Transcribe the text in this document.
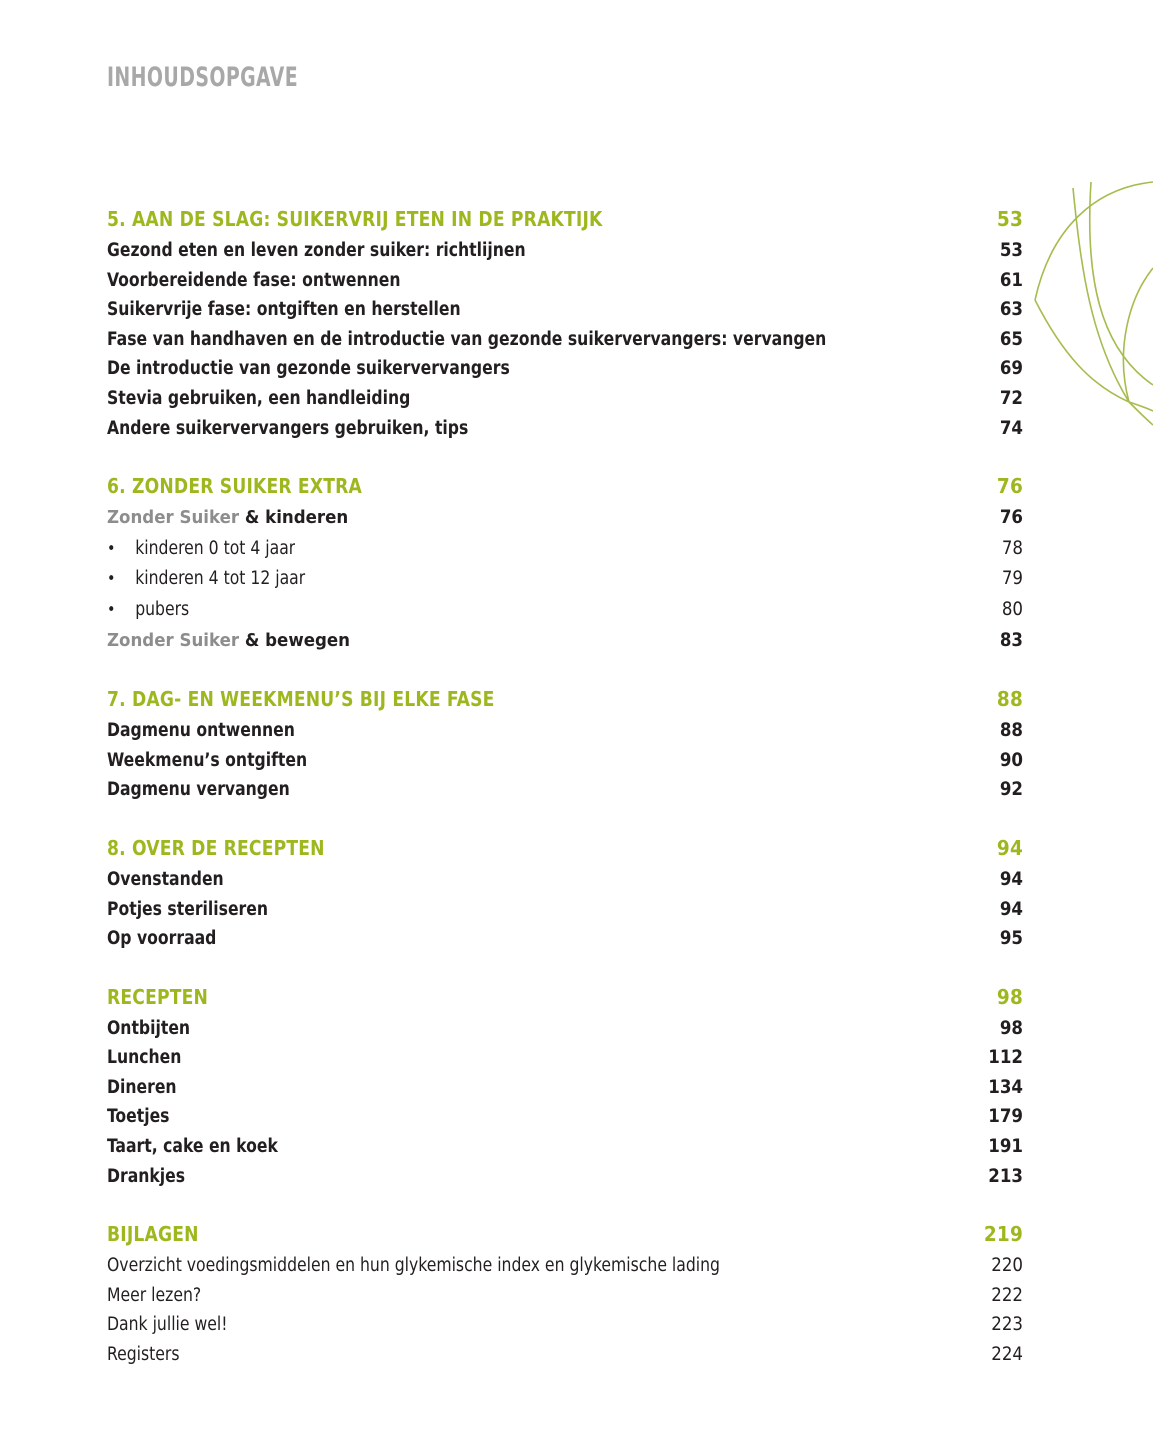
INHOUDSOPGAVE
5. AAN DE SLAG: SUIKERVRIJ ETEN IN DE PRAKTIJK	53
Gezond eten en leven zonder suiker: richtlijnen	53
Voorbereidende fase: ontwennen	61
Suikervrije fase: ontgiften en herstellen	63
Fase van handhaven en de introductie van gezonde suikervervangers: vervangen	65
De introductie van gezonde suikervervangers	69
Stevia gebruiken, een handleiding	72
Andere suikervervangers gebruiken, tips	74
6. ZONDER SUIKER EXTRA	76
Zonder Suiker & kinderen	76
•	kinderen 0 tot 4 jaar	78
•	kinderen 4 tot 12 jaar	79
•	pubers	80
Zonder Suiker & bewegen	83
7. DAG- EN WEEKMENU’S BIJ ELKE FASE	88
Dagmenu ontwennen	88
Weekmenu’s ontgiften	90
Dagmenu vervangen	92
8. OVER DE RECEPTEN	94
Ovenstanden	94
Potjes steriliseren	94
Op voorraad	95
RECEPTEN	98
Ontbijten	98
Lunchen	112
Dineren	134
Toetjes	179
Taart, cake en koek	191
Drankjes	213
BIJLAGEN	219
Overzicht voedingsmiddelen en hun glykemische index en glykemische lading	220
Meer lezen?	222
Dank jullie wel!	223
Registers	224
